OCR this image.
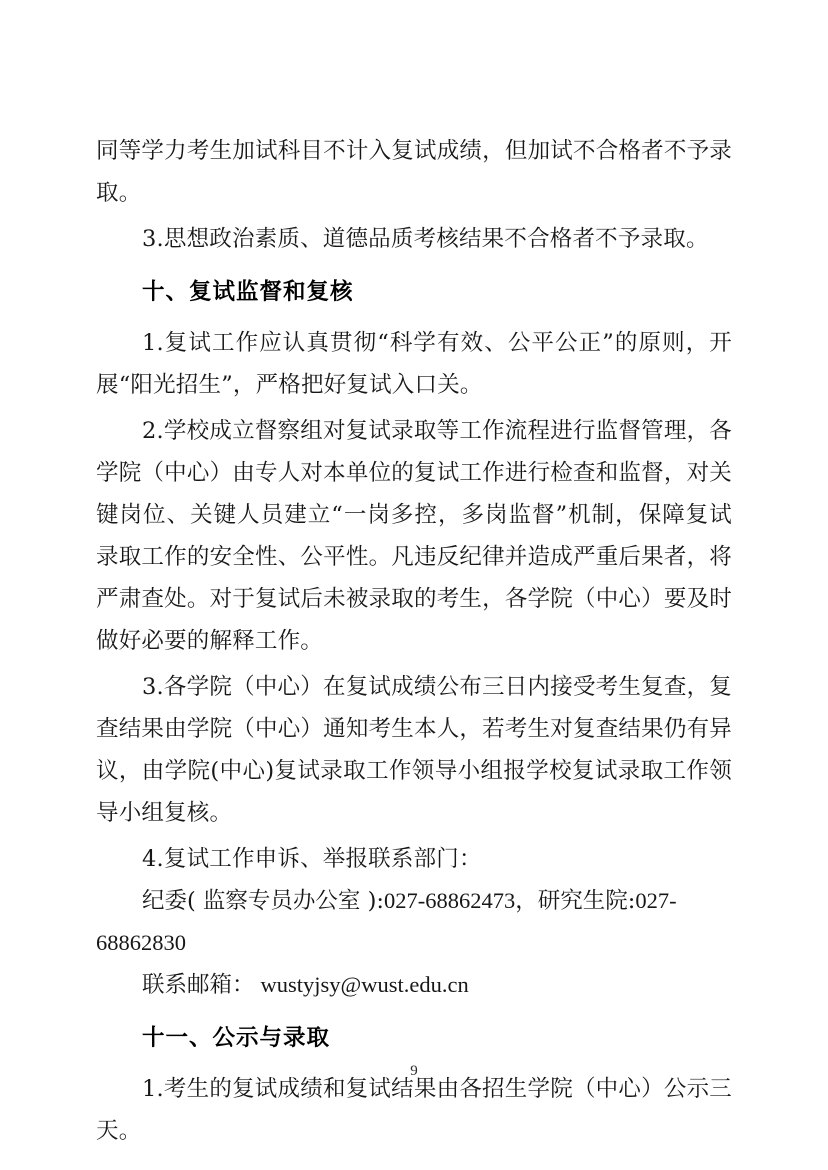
同等学力考生加试科目不计入复试成绩，但加试不合格者不予录取。

3.思想政治素质、道德品质考核结果不合格者不予录取。

十、复试监督和复核

1.复试工作应认真贯彻“科学有效、公平公正”的原则，开展“阳光招生”，严格把好复试入口关。

2.学校成立督察组对复试录取等工作流程进行监督管理，各学院（中心）由专人对本单位的复试工作进行检查和监督，对关键岗位、关键人员建立“一岗多控，多岗监督”机制，保障复试录取工作的安全性、公平性。凡违反纪律并造成严重后果者，将严肃查处。对于复试后未被录取的考生，各学院（中心）要及时做好必要的解释工作。

3.各学院（中心）在复试成绩公布三日内接受考生复查，复查结果由学院（中心）通知考生本人，若考生对复查结果仍有异议，由学院(中心)复试录取工作领导小组报学校复试录取工作领导小组复核。

4.复试工作申诉、举报联系部门：

纪委( 监察专员办公室 ):027-68862473，研究生院:027-68862830

联系邮箱： wustyjsy@wust.edu.cn

十一、公示与录取

1.考生的复试成绩和复试结果由各招生学院（中心）公示三天。

9
